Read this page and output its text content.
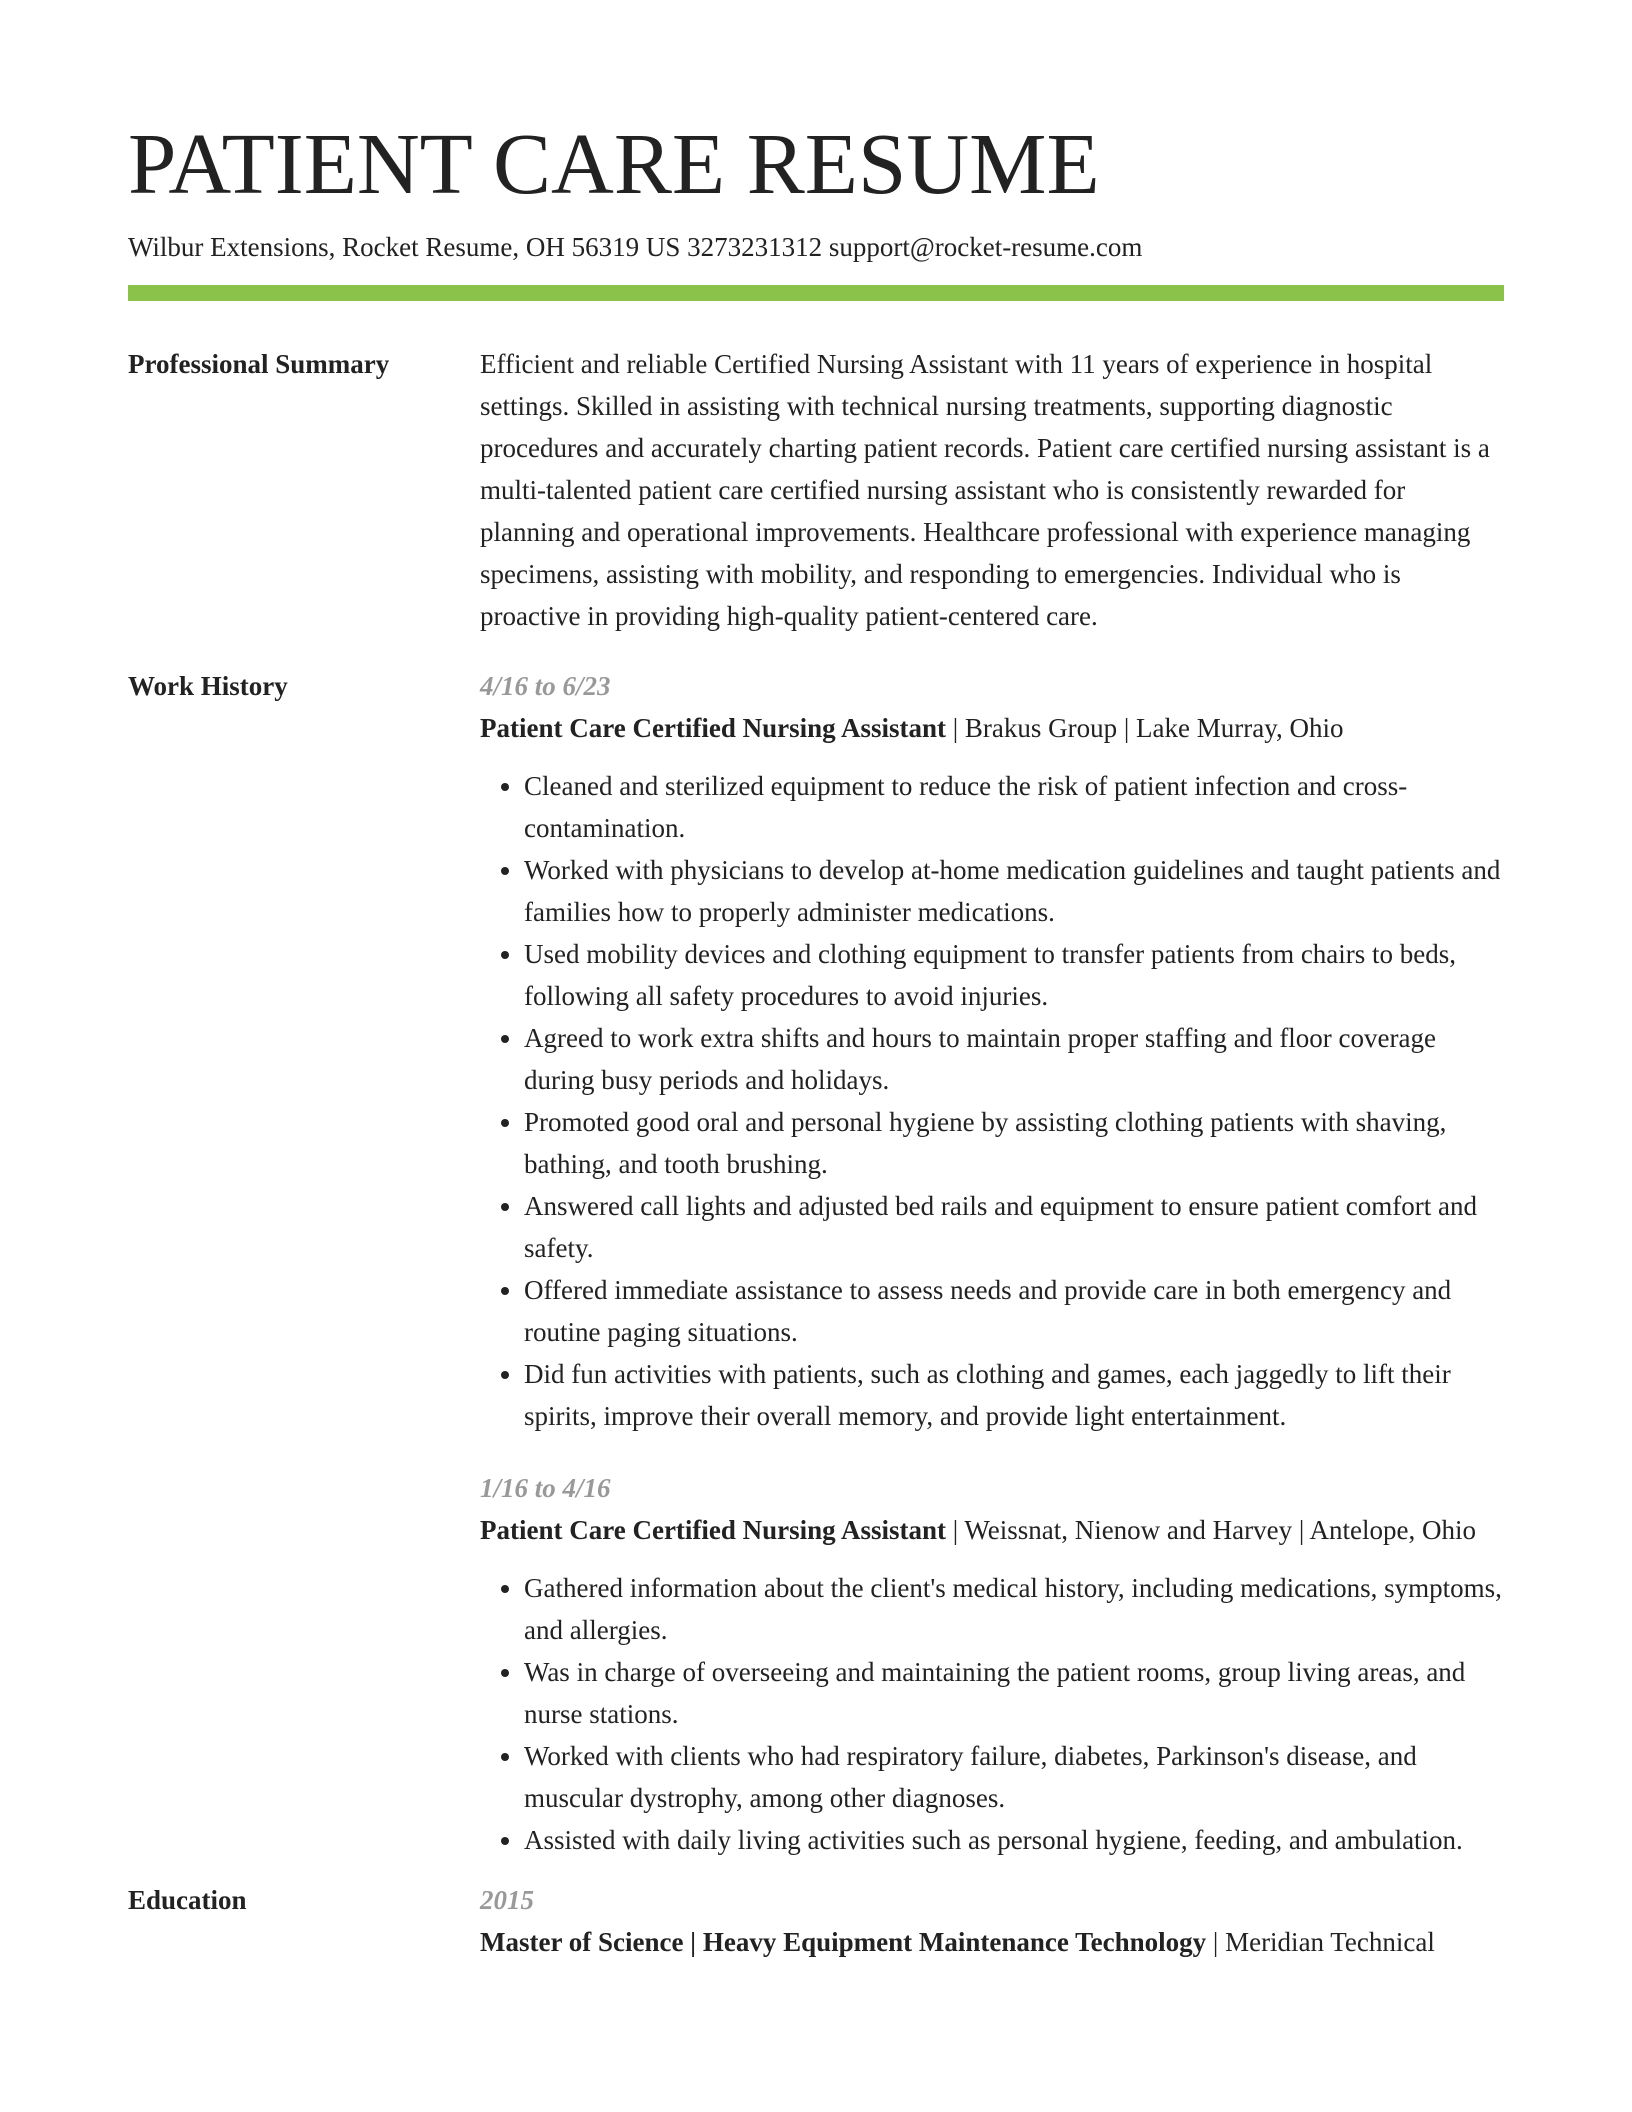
PATIENT CARE RESUME
Wilbur Extensions, Rocket Resume, OH 56319 US 3273231312 support@rocket-resume.com
Professional Summary	Efficient and reliable Certified Nursing Assistant with 11 years of experience in hospital settings. Skilled in assisting with technical nursing treatments, supporting diagnostic procedures and accurately charting patient records. Patient care certified nursing assistant is a multi-talented patient care certified nursing assistant who is consistently rewarded for planning and operational improvements. Healthcare professional with experience managing specimens, assisting with mobility, and responding to emergencies. Individual who is proactive in providing high-quality patient-centered care.

Work History	4/16 to 6/23
Patient Care Certified Nursing Assistant | Brakus Group | Lake Murray, Ohio
• Cleaned and sterilized equipment to reduce the risk of patient infection and cross-contamination.
• Worked with physicians to develop at-home medication guidelines and taught patients and families how to properly administer medications.
• Used mobility devices and clothing equipment to transfer patients from chairs to beds, following all safety procedures to avoid injuries.
• Agreed to work extra shifts and hours to maintain proper staffing and floor coverage during busy periods and holidays.
• Promoted good oral and personal hygiene by assisting clothing patients with shaving, bathing, and tooth brushing.
• Answered call lights and adjusted bed rails and equipment to ensure patient comfort and safety.
• Offered immediate assistance to assess needs and provide care in both emergency and routine paging situations.
• Did fun activities with patients, such as clothing and games, each jaggedly to lift their spirits, improve their overall memory, and provide light entertainment.
1/16 to 4/16
Patient Care Certified Nursing Assistant | Weissnat, Nienow and Harvey | Antelope, Ohio
• Gathered information about the client's medical history, including medications, symptoms, and allergies.
• Was in charge of overseeing and maintaining the patient rooms, group living areas, and nurse stations.
• Worked with clients who had respiratory failure, diabetes, Parkinson's disease, and muscular dystrophy, among other diagnoses.
• Assisted with daily living activities such as personal hygiene, feeding, and ambulation.
Education	2015
Master of Science | Heavy Equipment Maintenance Technology | Meridian Technical
